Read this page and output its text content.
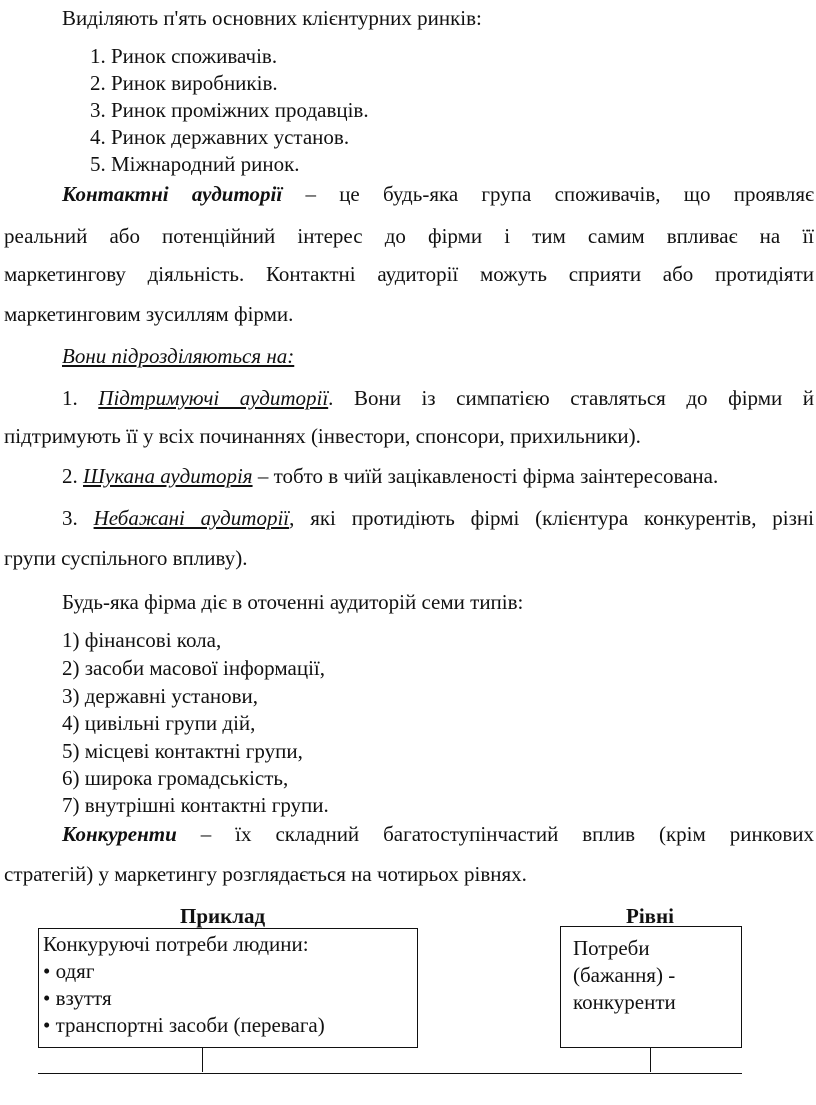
Виділяють п'ять основних клієнтурних ринків:
1. Ринок споживачів.
2. Ринок виробників.
3. Ринок проміжних продавців.
4. Ринок державних установ.
5. Міжнародний ринок.
Контактні аудиторії – це будь-яка група споживачів, що проявляє
реальний або потенційний інтерес до фірми і тим самим впливає на її
маркетингову діяльність. Контактні аудиторії можуть сприяти або протидіяти
маркетинговим зусиллям фірми.
Вони підрозділяються на:
1. Підтримуючі аудиторії. Вони із симпатією ставляться до фірми й
підтримують її у всіх починаннях (інвестори, спонсори, прихильники).
2. Шукана аудиторія – тобто в чиїй зацікавленості фірма заінтересована.
3. Небажані аудиторії, які протидіють фірмі (клієнтура конкурентів, різні
групи суспільного впливу).
Будь-яка фірма діє в оточенні аудиторій семи типів:
1) фінансові кола,
2) засоби масової інформації,
3) державні установи,
4) цивільні групи дій,
5) місцеві контактні групи,
6) широка громадськість,
7) внутрішні контактні групи.
Конкуренти – їх складний багатоступінчастий вплив (крім ринкових
стратегій) у маркетингу розглядається на чотирьох рівнях.
Приклад	Рівні
Конкуруючі потреби людини:
• одяг
• взуття
• транспортні засоби (перевага)
Потреби
(бажання) -
конкуренти
